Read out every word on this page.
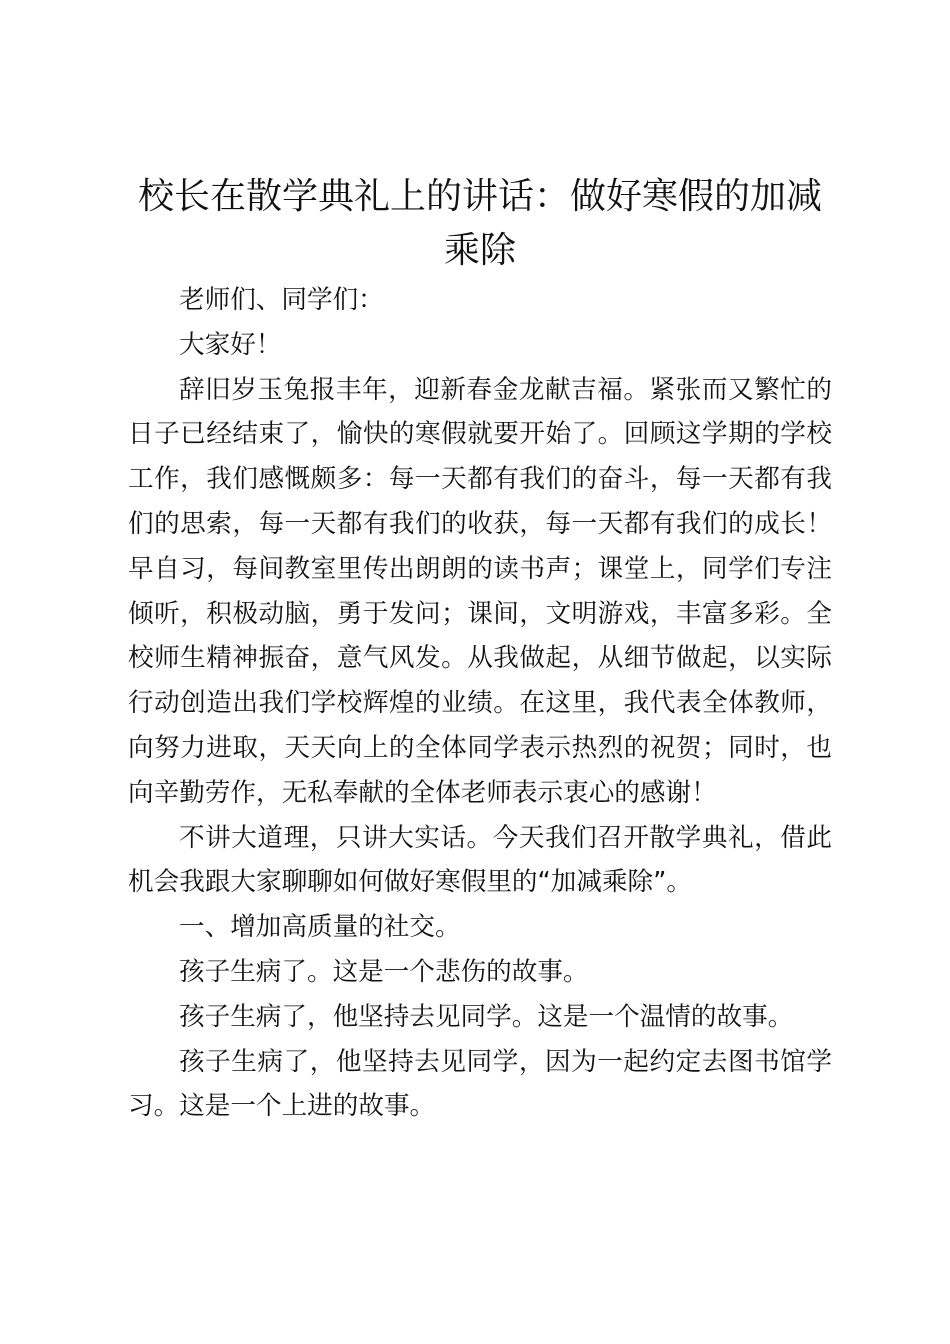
校长在散学典礼上的讲话：做好寒假的加减乘除

老师们、同学们：

大家好！

辞旧岁玉兔报丰年，迎新春金龙献吉福。紧张而又繁忙的日子已经结束了，愉快的寒假就要开始了。回顾这学期的学校工作，我们感慨颇多：每一天都有我们的奋斗，每一天都有我们的思索，每一天都有我们的收获，每一天都有我们的成长！早自习，每间教室里传出朗朗的读书声；课堂上，同学们专注倾听，积极动脑，勇于发问；课间，文明游戏，丰富多彩。全校师生精神振奋，意气风发。从我做起，从细节做起，以实际行动创造出我们学校辉煌的业绩。在这里，我代表全体教师，向努力进取，天天向上的全体同学表示热烈的祝贺；同时，也向辛勤劳作，无私奉献的全体老师表示衷心的感谢！

不讲大道理，只讲大实话。今天我们召开散学典礼，借此机会我跟大家聊聊如何做好寒假里的“加减乘除”。

一、增加高质量的社交。

孩子生病了。这是一个悲伤的故事。

孩子生病了，他坚持去见同学。这是一个温情的故事。

孩子生病了，他坚持去见同学，因为一起约定去图书馆学习。这是一个上进的故事。
